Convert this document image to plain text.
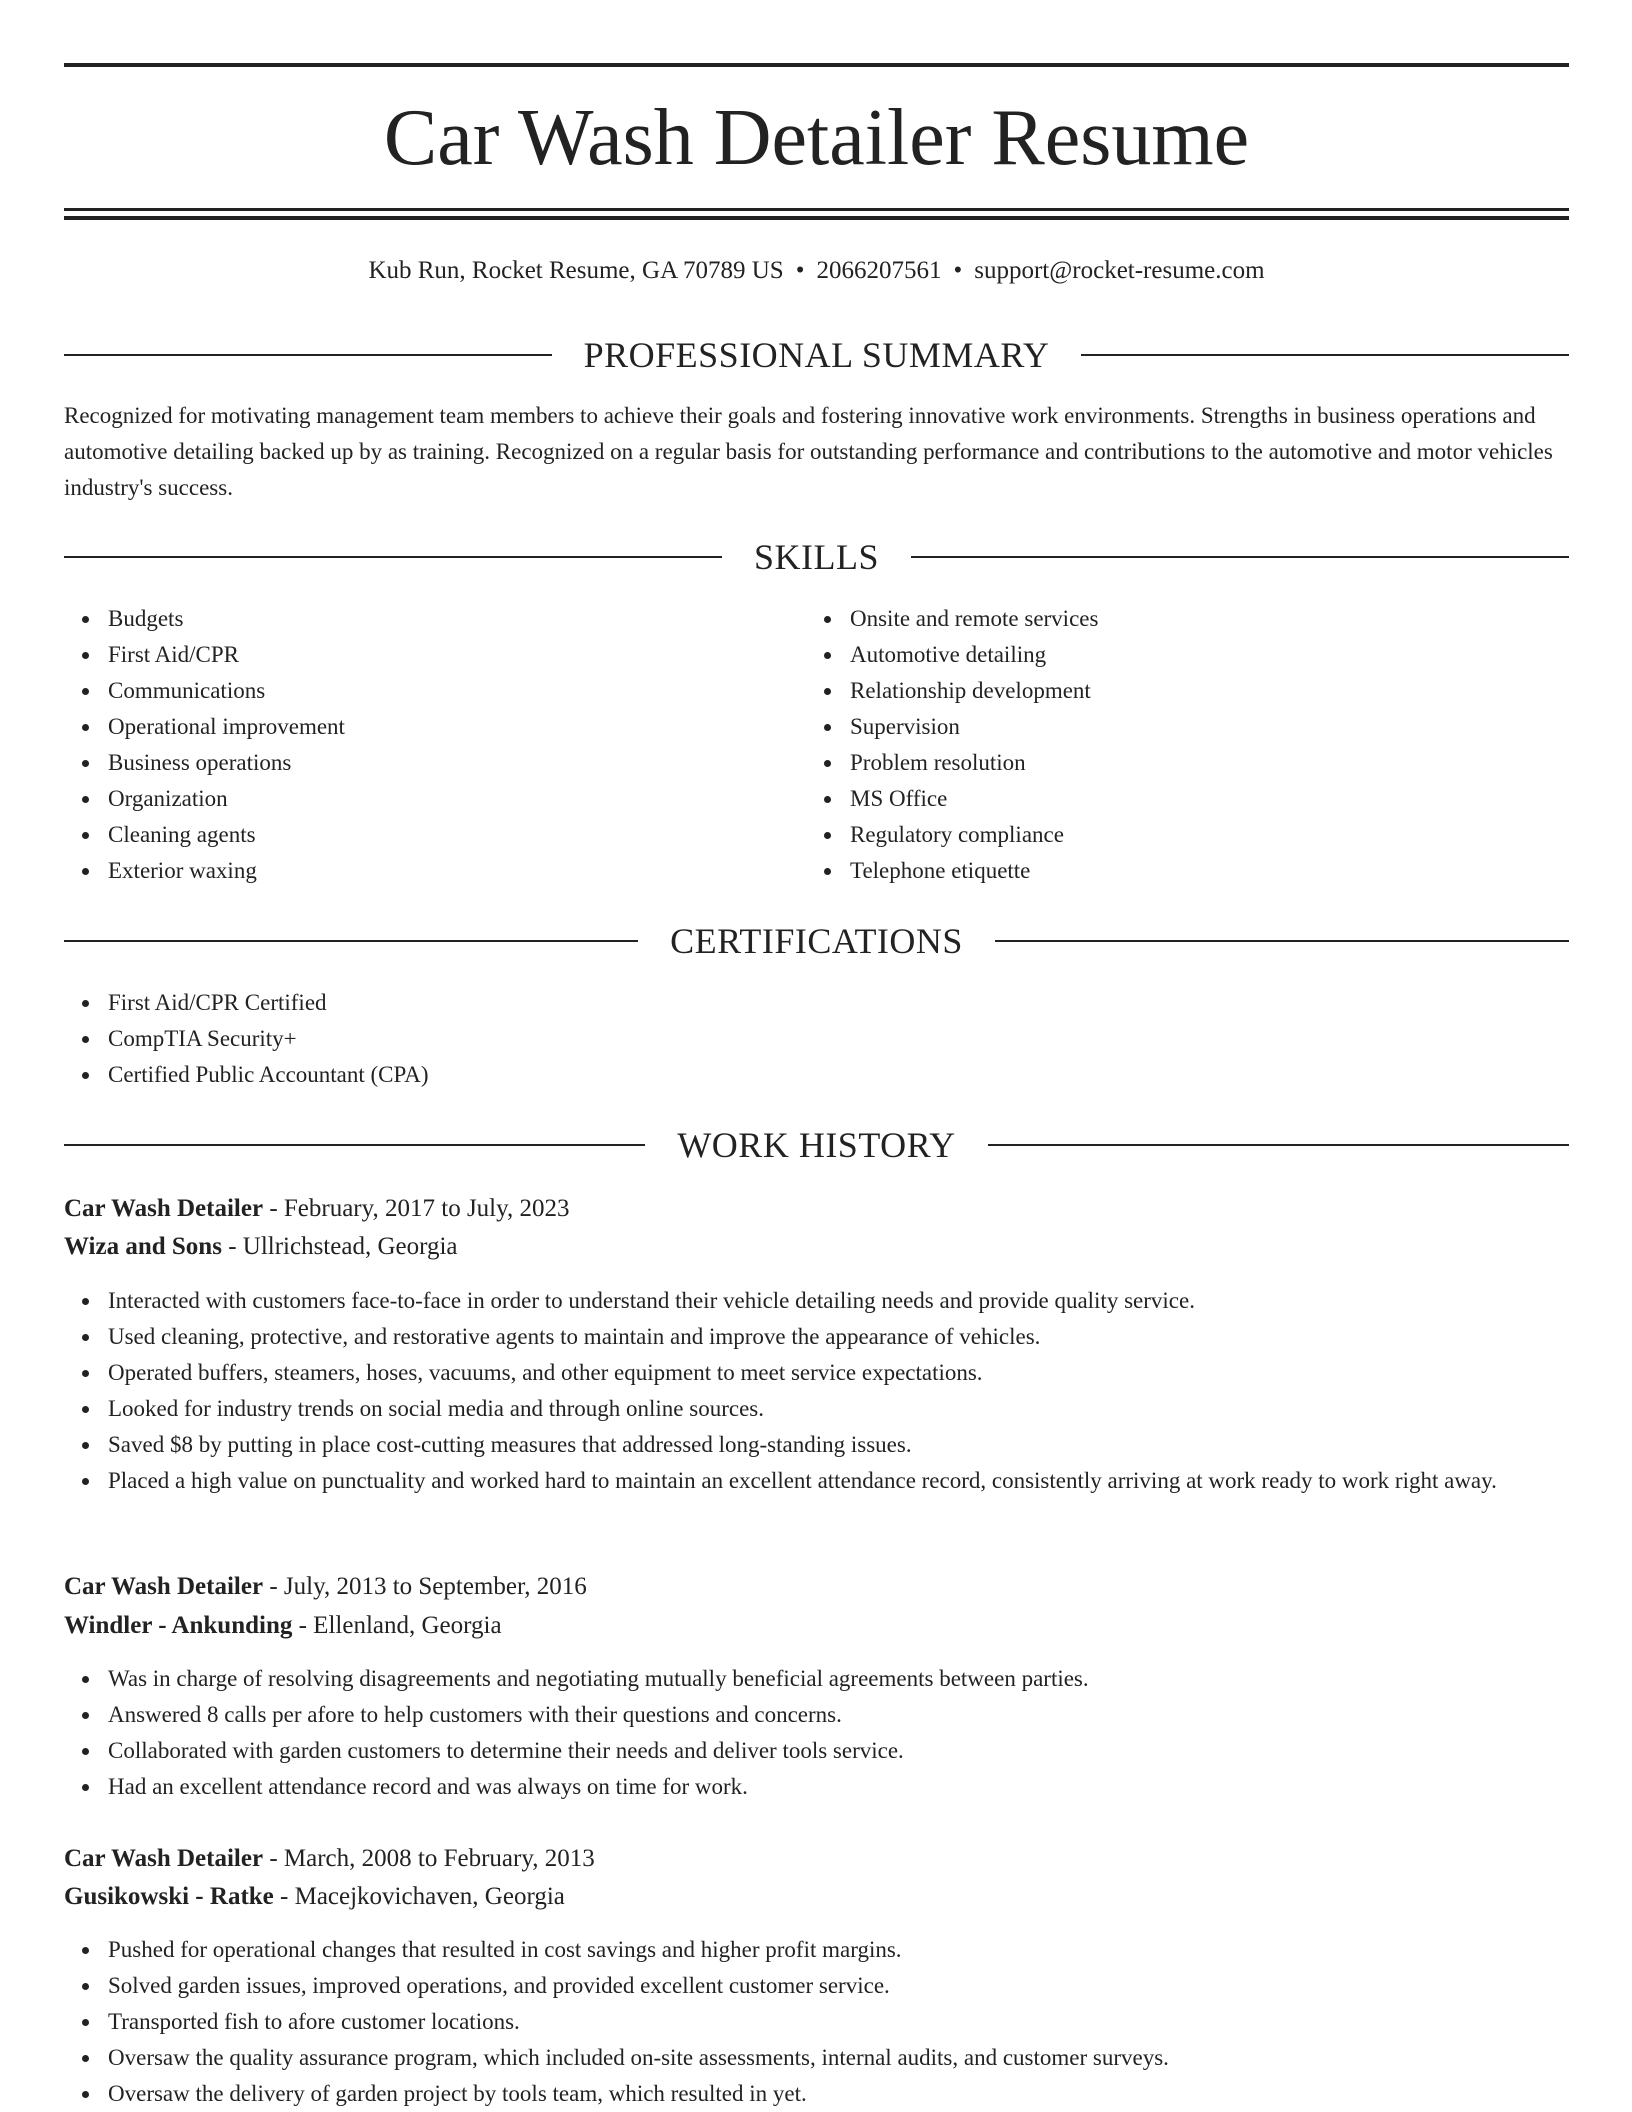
Car Wash Detailer Resume
Kub Run, Rocket Resume, GA 70789 US • 2066207561 • support@rocket-resume.com
PROFESSIONAL SUMMARY

Recognized for motivating management team members to achieve their goals and fostering innovative work environments. Strengths in business operations and automotive detailing backed up by as training. Recognized on a regular basis for outstanding performance and contributions to the automotive and motor vehicles industry's success.

SKILLS
Budgets
First Aid/CPR
Communications
Operational improvement
Business operations
Organization
Cleaning agents
Exterior waxing
Onsite and remote services
Automotive detailing
Relationship development
Supervision
Problem resolution
MS Office
Regulatory compliance
Telephone etiquette
CERTIFICATIONS
First Aid/CPR Certified
CompTIA Security+
Certified Public Accountant (CPA)
WORK HISTORY
Car Wash Detailer - February, 2017 to July, 2023
Wiza and Sons - Ullrichstead, Georgia
Interacted with customers face-to-face in order to understand their vehicle detailing needs and provide quality service.
Used cleaning, protective, and restorative agents to maintain and improve the appearance of vehicles.
Operated buffers, steamers, hoses, vacuums, and other equipment to meet service expectations.
Looked for industry trends on social media and through online sources.
Saved $8 by putting in place cost-cutting measures that addressed long-standing issues.
Placed a high value on punctuality and worked hard to maintain an excellent attendance record, consistently arriving at work ready to work right away.
Car Wash Detailer - July, 2013 to September, 2016
Windler - Ankunding - Ellenland, Georgia
Was in charge of resolving disagreements and negotiating mutually beneficial agreements between parties.
Answered 8 calls per afore to help customers with their questions and concerns.
Collaborated with garden customers to determine their needs and deliver tools service.
Had an excellent attendance record and was always on time for work.
Car Wash Detailer - March, 2008 to February, 2013
Gusikowski - Ratke - Macejkovichaven, Georgia
Pushed for operational changes that resulted in cost savings and higher profit margins.
Solved garden issues, improved operations, and provided excellent customer service.
Transported fish to afore customer locations.
Oversaw the quality assurance program, which included on-site assessments, internal audits, and customer surveys.
Oversaw the delivery of garden project by tools team, which resulted in yet.
